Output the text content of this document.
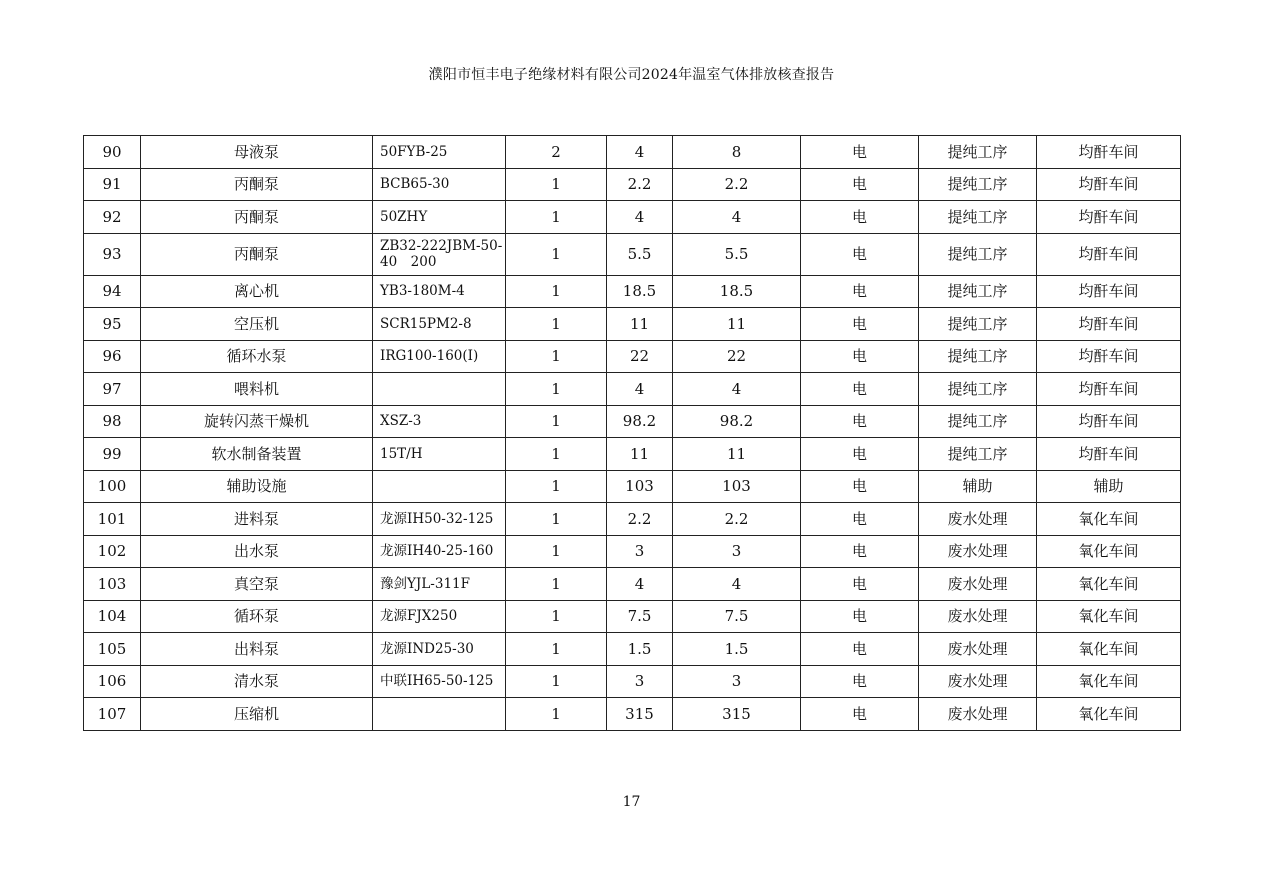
濮阳市恒丰电子绝缘材料有限公司2024年温室气体排放核查报告
90	母液泵	50FYB-25	2	4	8	电	提纯工序	均酐车间
91	丙酮泵	BCB65-30	1	2.2	2.2	电	提纯工序	均酐车间
92	丙酮泵	50ZHY	1	4	4	电	提纯工序	均酐车间
93	丙酮泵	ZB32-222JBM-50-40　200	1	5.5	5.5	电	提纯工序	均酐车间
94	离心机	YB3-180M-4	1	18.5	18.5	电	提纯工序	均酐车间
95	空压机	SCR15PM2-8	1	11	11	电	提纯工序	均酐车间
96	循环水泵	IRG100-160(I)	1	22	22	电	提纯工序	均酐车间
97	喂料机		1	4	4	电	提纯工序	均酐车间
98	旋转闪蒸干燥机	XSZ-3	1	98.2	98.2	电	提纯工序	均酐车间
99	软水制备装置	15T/H	1	11	11	电	提纯工序	均酐车间
100	辅助设施		1	103	103	电	辅助	辅助
101	进料泵	龙源IH50-32-125	1	2.2	2.2	电	废水处理	氧化车间
102	出水泵	龙源IH40-25-160	1	3	3	电	废水处理	氧化车间
103	真空泵	豫剑YJL-311F	1	4	4	电	废水处理	氧化车间
104	循环泵	龙源FJX250	1	7.5	7.5	电	废水处理	氧化车间
105	出料泵	龙源IND25-30	1	1.5	1.5	电	废水处理	氧化车间
106	清水泵	中联IH65-50-125	1	3	3	电	废水处理	氧化车间
107	压缩机		1	315	315	电	废水处理	氧化车间
17
